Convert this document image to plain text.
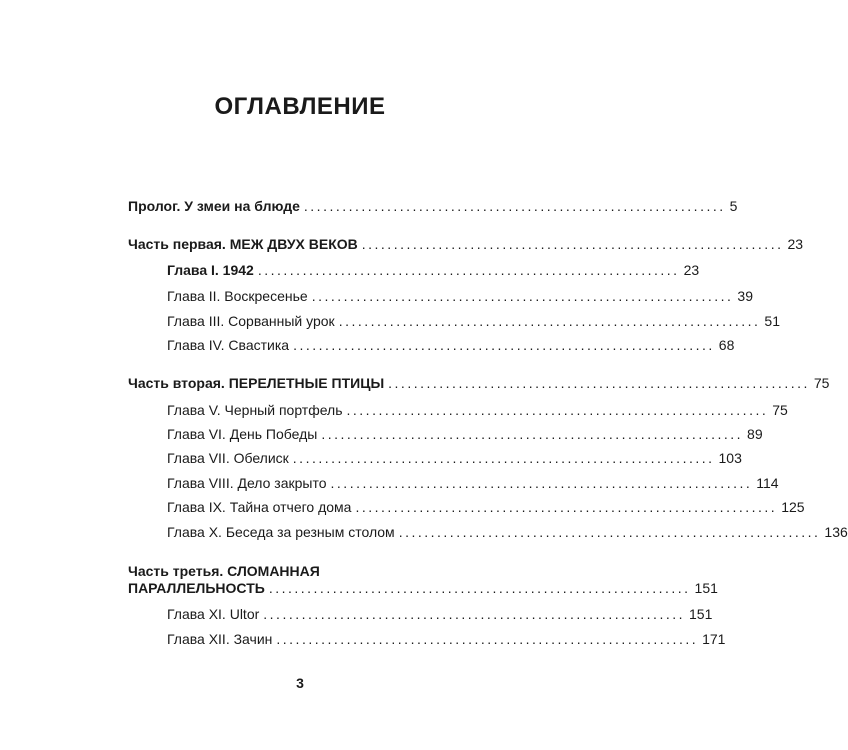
ОГЛАВЛЕНИЕ
Пролог. У змеи на блюде .................................................................. 5
Часть первая. МЕЖ ДВУХ ВЕКОВ .................................................................. 23
Глава I. 1942 .................................................................. 23
Глава II. Воскресенье .................................................................. 39
Глава III. Сорванный урок .................................................................. 51
Глава IV. Свастика .................................................................. 68
Часть вторая. ПЕРЕЛЕТНЫЕ ПТИЦЫ .................................................................. 75
Глава V. Черный портфель .................................................................. 75
Глава VI. День Победы .................................................................. 89
Глава VII. Обелиск .................................................................. 103
Глава VIII. Дело закрыто .................................................................. 114
Глава IX. Тайна отчего дома .................................................................. 125
Глава X. Беседа за резным столом .................................................................. 136
Часть третья. СЛОМАННАЯ
ПАРАЛЛЕЛЬНОСТЬ .................................................................. 151
Глава XI. Ultor .................................................................. 151
Глава XII. Зачин .................................................................. 171
3
